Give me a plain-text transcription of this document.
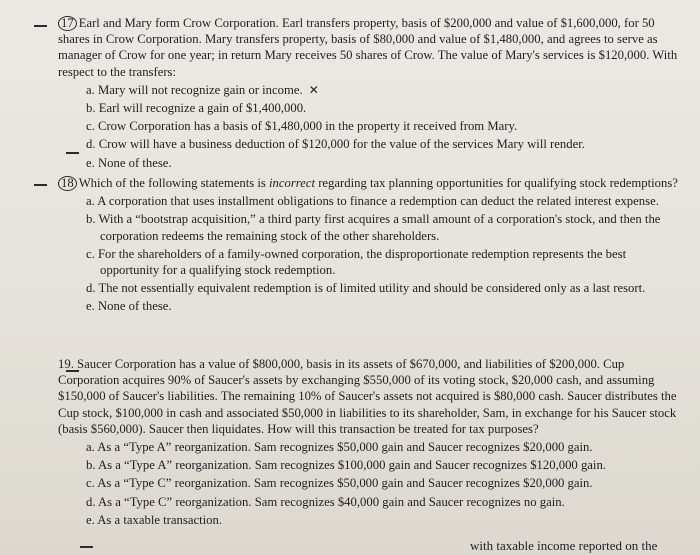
17 Earl and Mary form Crow Corporation. Earl transfers property, basis of $200,000 and value of $1,600,000, for 50 shares in Crow Corporation. Mary transfers property, basis of $80,000 and value of $1,480,000, and agrees to serve as manager of Crow for one year; in return Mary receives 50 shares of Crow. The value of Mary's services is $120,000. With respect to the transfers:

a. Mary will not recognize gain or income. ✕
b. Earl will recognize a gain of $1,400,000.
c. Crow Corporation has a basis of $1,480,000 in the property it received from Mary.
d. Crow will have a business deduction of $120,000 for the value of the services Mary will render.
e. None of these.

18 Which of the following statements is incorrect regarding tax planning opportunities for qualifying stock redemptions?

a. A corporation that uses installment obligations to finance a redemption can deduct the related interest expense.
b. With a “bootstrap acquisition,” a third party first acquires a small amount of a corporation's stock, and then the corporation redeems the remaining stock of the other shareholders.
c. For the shareholders of a family-owned corporation, the disproportionate redemption represents the best opportunity for a qualifying stock redemption.
d. The not essentially equivalent redemption is of limited utility and should be considered only as a last resort.
e. None of these.

19. Saucer Corporation has a value of $800,000, basis in its assets of $670,000, and liabilities of $200,000. Cup Corporation acquires 90% of Saucer's assets by exchanging $550,000 of its voting stock, $20,000 cash, and assuming $150,000 of Saucer's liabilities. The remaining 10% of Saucer's assets not acquired is $80,000 cash. Saucer distributes the Cup stock, $100,000 in cash and associated $50,000 in liabilities to its shareholder, Sam, in exchange for his Saucer stock (basis $560,000). Saucer then liquidates. How will this transaction be treated for tax purposes?

a. As a “Type A” reorganization. Sam recognizes $50,000 gain and Saucer recognizes $20,000 gain.
b. As a “Type A” reorganization. Sam recognizes $100,000 gain and Saucer recognizes $120,000 gain.
c. As a “Type C” reorganization. Sam recognizes $50,000 gain and Saucer recognizes $20,000 gain.
d. As a “Type C” reorganization. Sam recognizes $40,000 gain and Saucer recognizes no gain.
e. As a taxable transaction.
with taxable income reported on the
